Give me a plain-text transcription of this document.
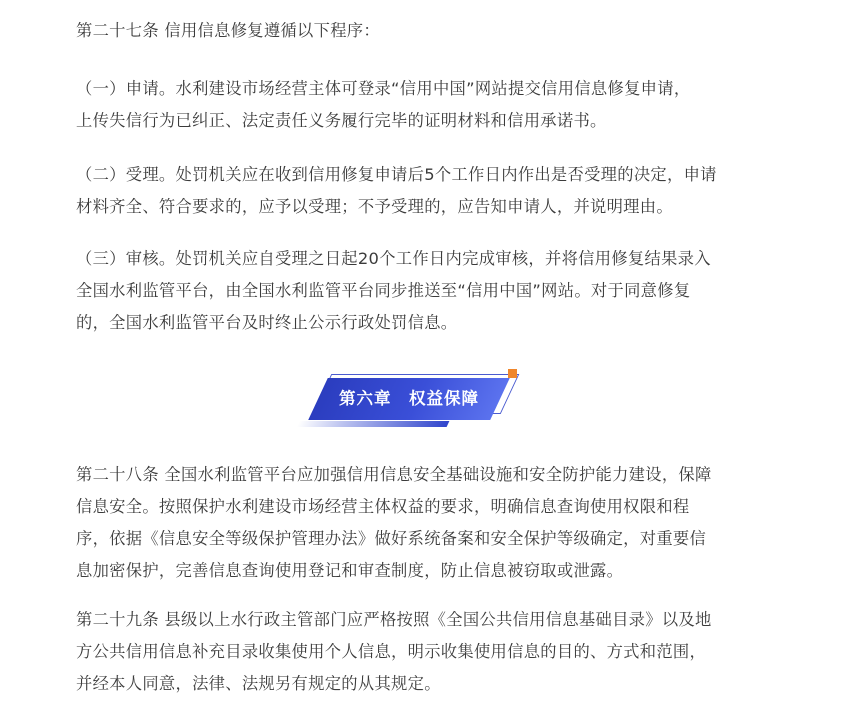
第二十七条 信用信息修复遵循以下程序：

（一）申请。水利建设市场经营主体可登录“信用中国”网站提交信用信息修复申请，
上传失信行为已纠正、法定责任义务履行完毕的证明材料和信用承诺书。

（二）受理。处罚机关应在收到信用修复申请后5个工作日内作出是否受理的决定，申请
材料齐全、符合要求的，应予以受理；不予受理的，应告知申请人，并说明理由。

（三）审核。处罚机关应自受理之日起20个工作日内完成审核，并将信用修复结果录入
全国水利监管平台，由全国水利监管平台同步推送至“信用中国”网站。对于同意修复
的，全国水利监管平台及时终止公示行政处罚信息。

第六章　权益保障

第二十八条 全国水利监管平台应加强信用信息安全基础设施和安全防护能力建设，保障
信息安全。按照保护水利建设市场经营主体权益的要求，明确信息查询使用权限和程
序，依据《信息安全等级保护管理办法》做好系统备案和安全保护等级确定，对重要信
息加密保护，完善信息查询使用登记和审查制度，防止信息被窃取或泄露。

第二十九条 县级以上水行政主管部门应严格按照《全国公共信用信息基础目录》以及地
方公共信用信息补充目录收集使用个人信息，明示收集使用信息的目的、方式和范围，
并经本人同意，法律、法规另有规定的从其规定。
